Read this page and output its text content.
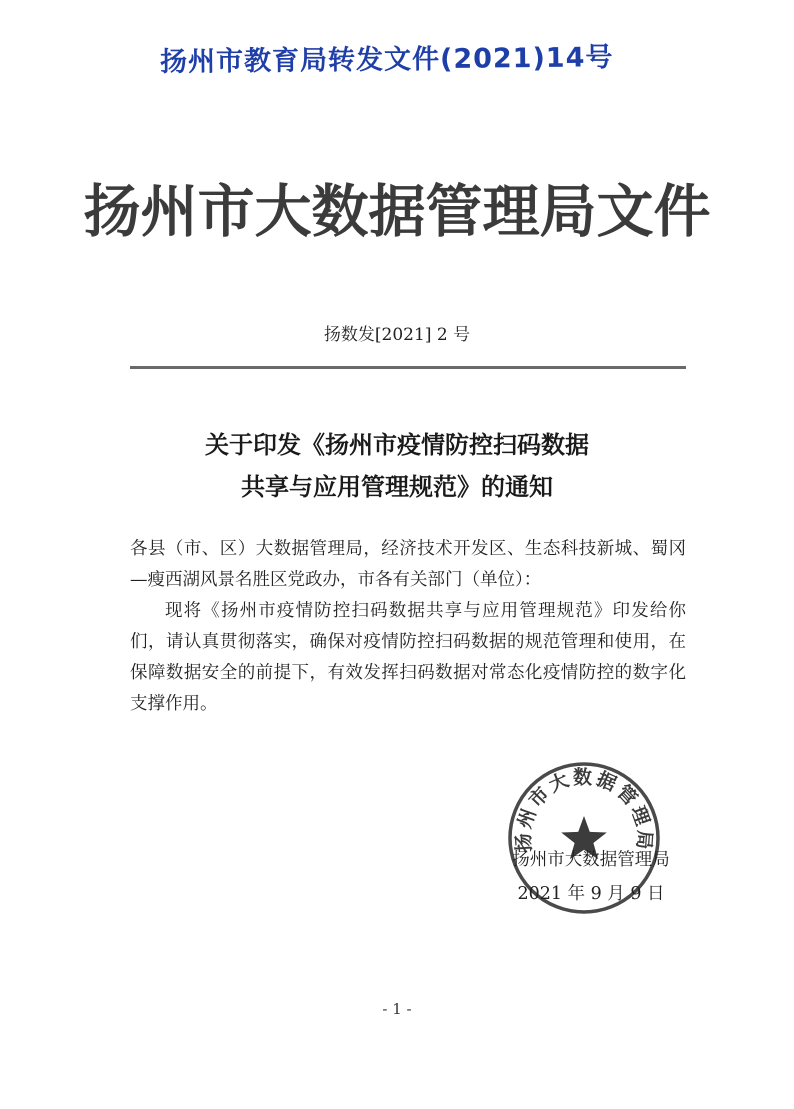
扬州市教育局转发文件(2021)14号
扬州市大数据管理局文件
扬数发[2021] 2 号
关于印发《扬州市疫情防控扫码数据
共享与应用管理规范》的通知

各县（市、区）大数据管理局，经济技术开发区、生态科技新城、蜀冈—瘦西湖风景名胜区党政办，市各有关部门（单位）：

现将《扬州市疫情防控扫码数据共享与应用管理规范》印发给你们，请认真贯彻落实，确保对疫情防控扫码数据的规范管理和使用，在保障数据安全的前提下，有效发挥扫码数据对常态化疫情防控的数字化支撑作用。

扬州市大数据管理局
扬州市大数据管理局
2021 年 9 月 9 日
- 1 -
